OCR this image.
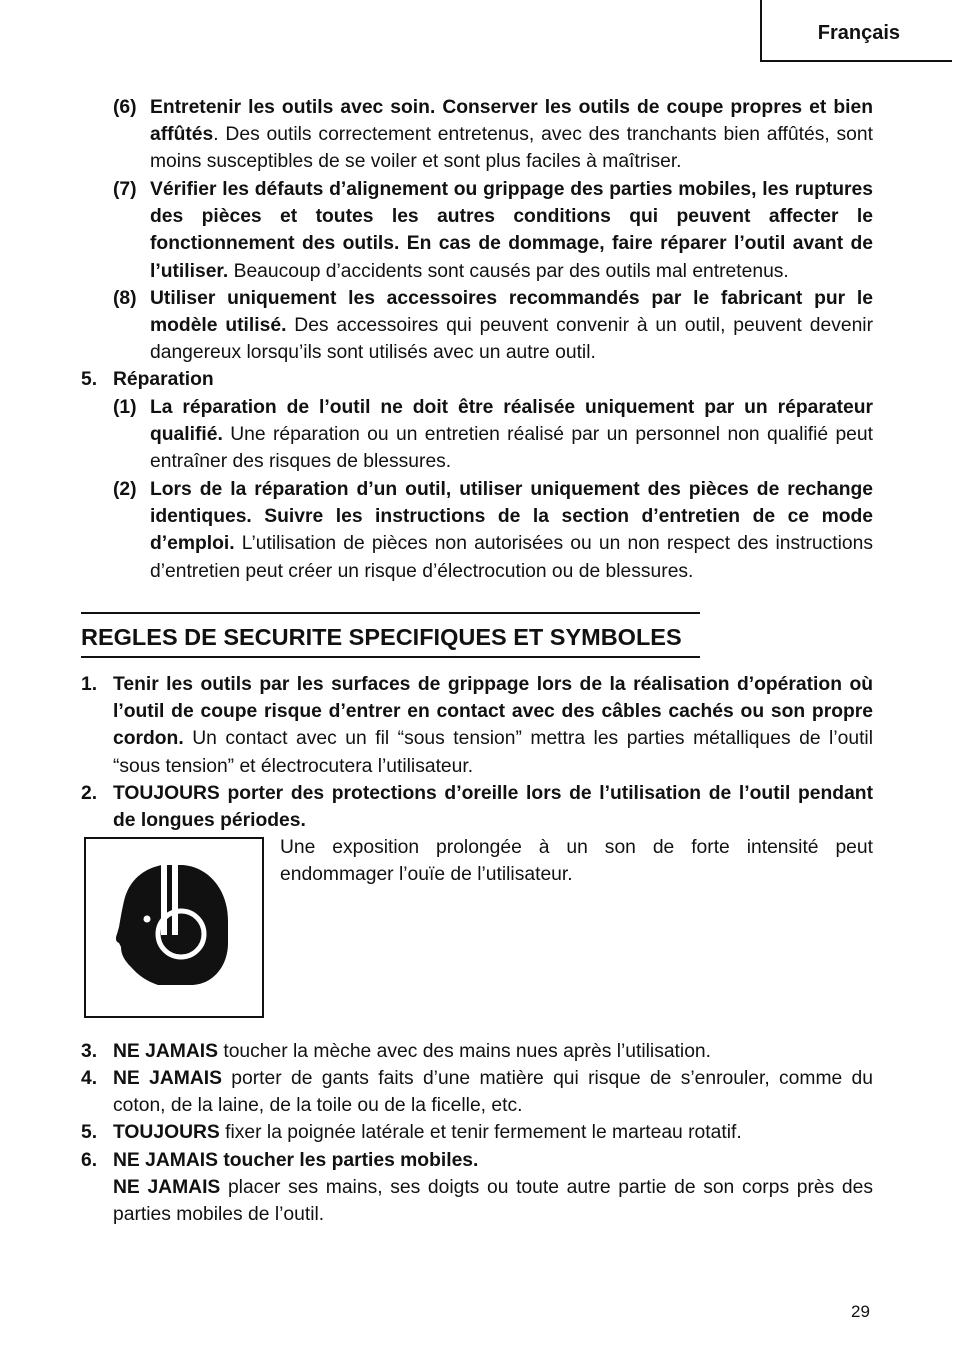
Français
(6) Entretenir les outils avec soin. Conserver les outils de coupe propres et bien affûtés. Des outils correctement entretenus, avec des tranchants bien affûtés, sont moins susceptibles de se voiler et sont plus faciles à maîtriser.
(7) Vérifier les défauts d’alignement ou grippage des parties mobiles, les ruptures des pièces et toutes les autres conditions qui peuvent affecter le fonctionnement des outils. En cas de dommage, faire réparer l’outil avant de l’utiliser. Beaucoup d’accidents sont causés par des outils mal entretenus.
(8) Utiliser uniquement les accessoires recommandés par le fabricant pur le modèle utilisé. Des accessoires qui peuvent convenir à un outil, peuvent devenir dangereux lorsqu’ils sont utilisés avec un autre outil.
5. Réparation
(1) La réparation de l’outil ne doit être réalisée uniquement par un réparateur qualifié. Une réparation ou un entretien réalisé par un personnel non qualifié peut entraîner des risques de blessures.
(2) Lors de la réparation d’un outil, utiliser uniquement des pièces de rechange identiques. Suivre les instructions de la section d’entretien de ce mode d’emploi. L’utilisation de pièces non autorisées ou un non respect des instructions d’entretien peut créer un risque d’électrocution ou de blessures.
REGLES DE SECURITE SPECIFIQUES ET SYMBOLES
1. Tenir les outils par les surfaces de grippage lors de la réalisation d’opération où l’outil de coupe risque d’entrer en contact avec des câbles cachés ou son propre cordon. Un contact avec un fil “sous tension” mettra les parties métalliques de l’outil “sous tension” et électrocutera l’utilisateur.
2. TOUJOURS porter des protections d’oreille lors de l’utilisation de l’outil pendant de longues périodes.
Une exposition prolongée à un son de forte intensité peut endommager l’ouïe de l’utilisateur.
3. NE JAMAIS toucher la mèche avec des mains nues après l’utilisation.
4. NE JAMAIS porter de gants faits d’une matière qui risque de s’enrouler, comme du coton, de la laine, de la toile ou de la ficelle, etc.
5. TOUJOURS fixer la poignée latérale et tenir fermement le marteau rotatif.
6. NE JAMAIS toucher les parties mobiles.
NE JAMAIS placer ses mains, ses doigts ou toute autre partie de son corps près des parties mobiles de l’outil.
29
